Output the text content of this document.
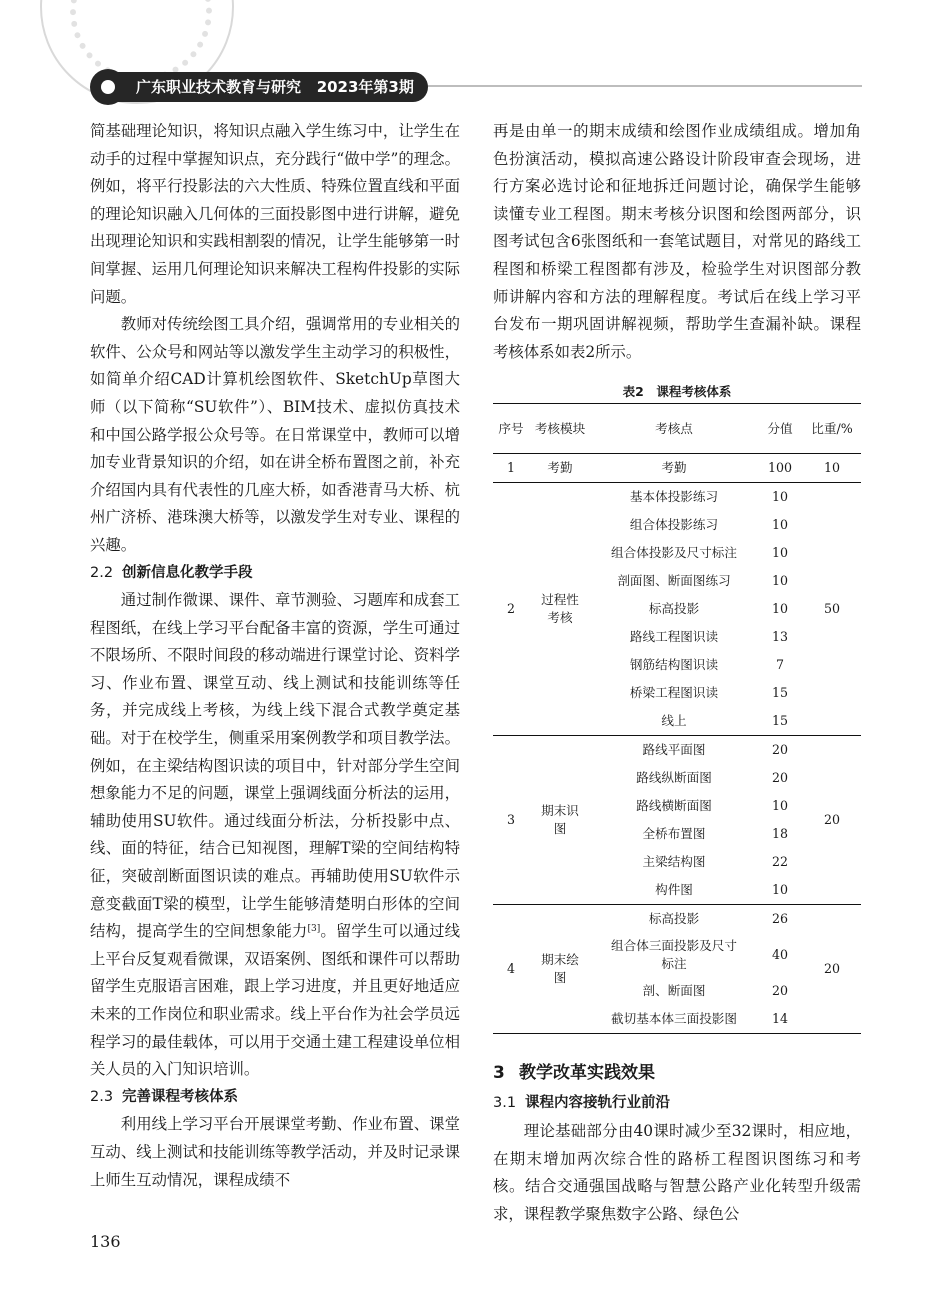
广东职业技术教育与研究 2023年第3期

简基础理论知识，将知识点融入学生练习中，让学生在动手的过程中掌握知识点，充分践行“做中学”的理念。例如，将平行投影法的六大性质、特殊位置直线和平面的理论知识融入几何体的三面投影图中进行讲解，避免出现理论知识和实践相割裂的情况，让学生能够第一时间掌握、运用几何理论知识来解决工程构件投影的实际问题。

教师对传统绘图工具介绍，强调常用的专业相关的软件、公众号和网站等以激发学生主动学习的积极性，如简单介绍CAD计算机绘图软件、SketchUp草图大师（以下简称“SU软件”）、BIM技术、虚拟仿真技术和中国公路学报公众号等。在日常课堂中，教师可以增加专业背景知识的介绍，如在讲全桥布置图之前，补充介绍国内具有代表性的几座大桥，如香港青马大桥、杭州广济桥、港珠澳大桥等，以激发学生对专业、课程的兴趣。

2.2 创新信息化教学手段

通过制作微课、课件、章节测验、习题库和成套工程图纸，在线上学习平台配备丰富的资源，学生可通过不限场所、不限时间段的移动端进行课堂讨论、资料学习、作业布置、课堂互动、线上测试和技能训练等任务，并完成线上考核，为线上线下混合式教学奠定基础。对于在校学生，侧重采用案例教学和项目教学法。例如，在主梁结构图识读的项目中，针对部分学生空间想象能力不足的问题，课堂上强调线面分析法的运用，辅助使用SU软件。通过线面分析法，分析投影中点、线、面的特征，结合已知视图，理解T梁的空间结构特征，突破剖断面图识读的难点。再辅助使用SU软件示意变截面T梁的模型，让学生能够清楚明白形体的空间结构，提高学生的空间想象能力[3]。留学生可以通过线上平台反复观看微课，双语案例、图纸和课件可以帮助留学生克服语言困难，跟上学习进度，并且更好地适应未来的工作岗位和职业需求。线上平台作为社会学员远程学习的最佳载体，可以用于交通土建工程建设单位相关人员的入门知识培训。

2.3 完善课程考核体系

利用线上学习平台开展课堂考勤、作业布置、课堂互动、线上测试和技能训练等教学活动，并及时记录课上师生互动情况，课程成绩不

再是由单一的期末成绩和绘图作业成绩组成。增加角色扮演活动，模拟高速公路设计阶段审查会现场，进行方案必选讨论和征地拆迁问题讨论，确保学生能够读懂专业工程图。期末考核分识图和绘图两部分，识图考试包含6张图纸和一套笔试题目，对常见的路线工程图和桥梁工程图都有涉及，检验学生对识图部分教师讲解内容和方法的理解程度。考试后在线上学习平台发布一期巩固讲解视频，帮助学生查漏补缺。课程考核体系如表2所示。

3 教学改革实践效果

3.1 课程内容接轨行业前沿

理论基础部分由40课时减少至32课时，相应地，在期末增加两次综合性的路桥工程图识图练习和考核。结合交通强国战略与智慧公路产业化转型升级需求，课程教学聚焦数字公路、绿色公

表2　课程考核体系
序号	考核模块	考核点	分值	比重/%
1	考勤	考勤	100	10
2	过程性考核	基本体投影练习	10	50
		组合体投影练习	10	
		组合体投影及尺寸标注	10	
		剖面图、断面图练习	10	
		标高投影	10	
		路线工程图识读	13	
		钢筋结构图识读	7	
		桥梁工程图识读	15	
		线上	15	
3	期末识图	路线平面图	20	20
		路线纵断面图	20	
		路线横断面图	10	
		全桥布置图	18	
		主梁结构图	22	
		构件图	10	
4	期末绘图	标高投影	26	20
		组合体三面投影及尺寸标注	40	
		剖、断面图	20	
		截切基本体三面投影图	14	
136
